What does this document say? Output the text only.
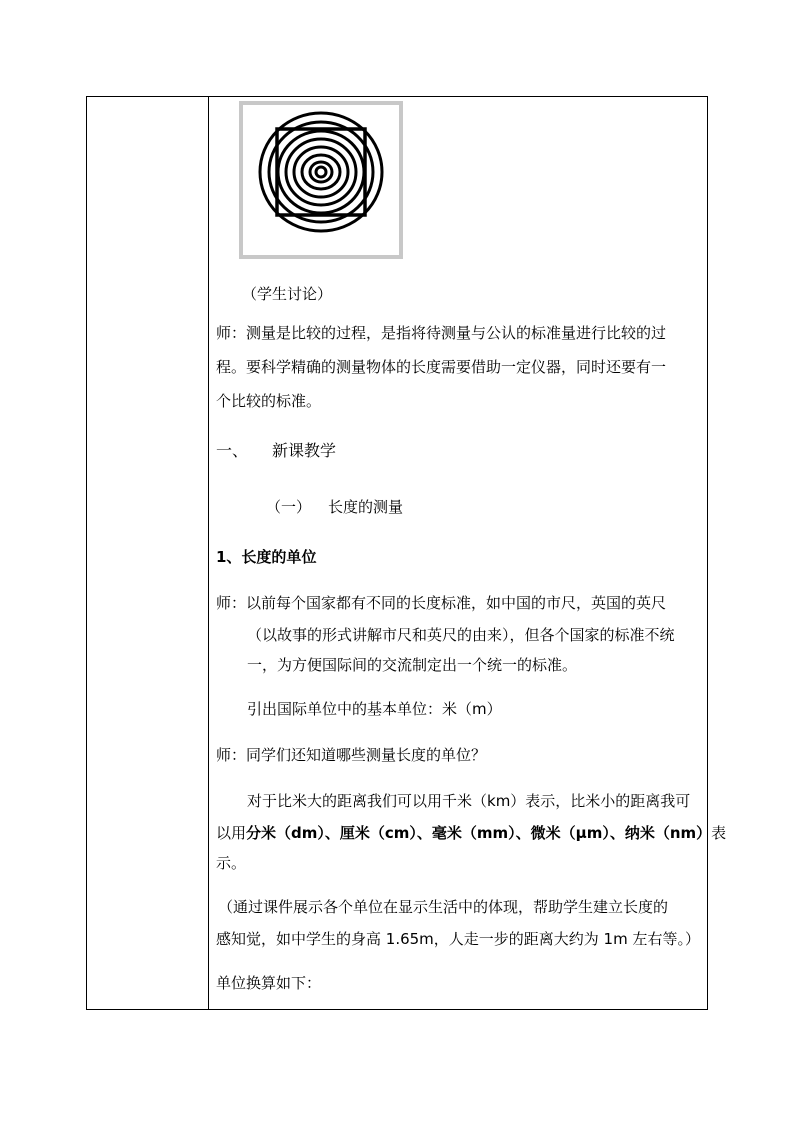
（学生讨论）
师：测量是比较的过程，是指将待测量与公认的标准量进行比较的过
程。要科学精确的测量物体的长度需要借助一定仪器，同时还要有一
个比较的标准。
一、 新课教学
（一） 长度的测量
1、长度的单位
师：以前每个国家都有不同的长度标准，如中国的市尺，英国的英尺
（以故事的形式讲解市尺和英尺的由来），但各个国家的标准不统
一，为方便国际间的交流制定出一个统一的标准。
引出国际单位中的基本单位：米（m）
师：同学们还知道哪些测量长度的单位？
对于比米大的距离我们可以用千米（km）表示，比米小的距离我可
以用分米（dm）、厘米（cm）、毫米（mm）、微米（μm）、纳米（nm）表
示。
（通过课件展示各个单位在显示生活中的体现，帮助学生建立长度的
感知觉，如中学生的身高 1.65m，人走一步的距离大约为 1m 左右等。）
单位换算如下：
